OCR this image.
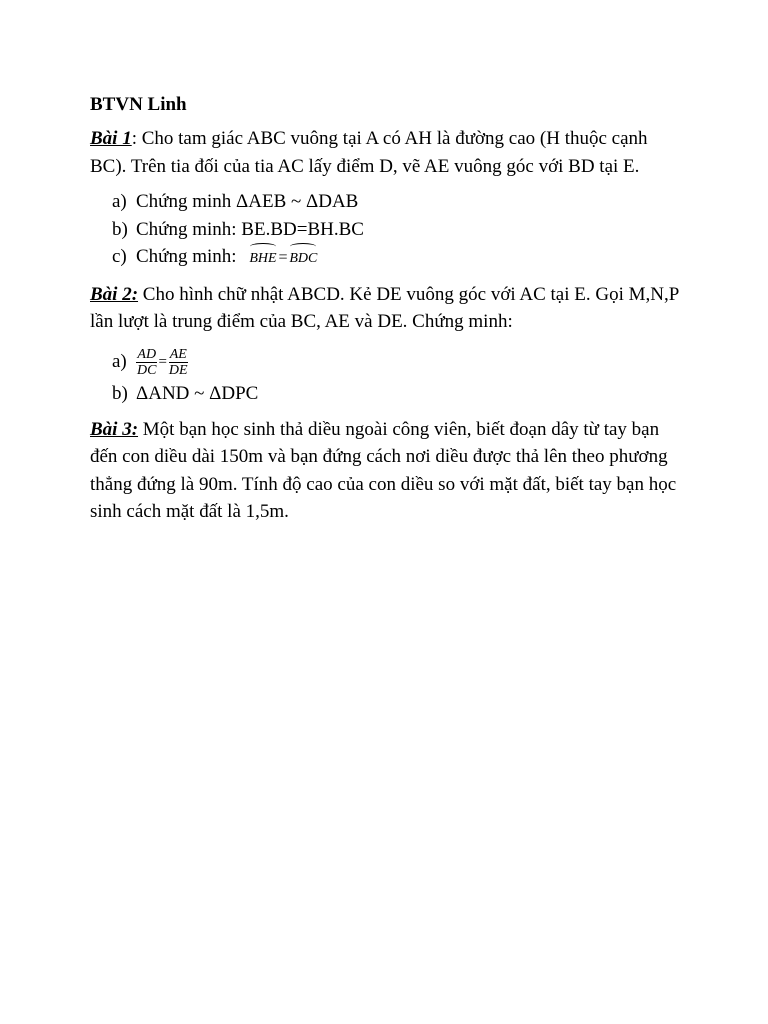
BTVN Linh
Bài 1: Cho tam giác ABC vuông tại A có AH là đường cao (H thuộc cạnh BC). Trên tia đối của tia AC lấy điểm D, vẽ AE vuông góc với BD tại E.
a) Chứng minh ΔAEB ~ ΔDAB
b) Chứng minh: BE.BD=BH.BC
c) Chứng minh: BHE=BDC
Bài 2: Cho hình chữ nhật ABCD. Kẻ DE vuông góc với AC tại E. Gọi M,N,P lần lượt là trung điểm của BC, AE và DE. Chứng minh:
$a) \frac{AD}{DC} = \frac{AE}{DE}$
b) ΔAND ~ ΔDPC
Bài 3: Một bạn học sinh thả diều ngoài công viên, biết đoạn dây từ tay bạn đến con diều dài 150m và bạn đứng cách nơi diều được thả lên theo phương thẳng đứng là 90m. Tính độ cao của con diều so với mặt đất, biết tay bạn học sinh cách mặt đất là 1,5m.
